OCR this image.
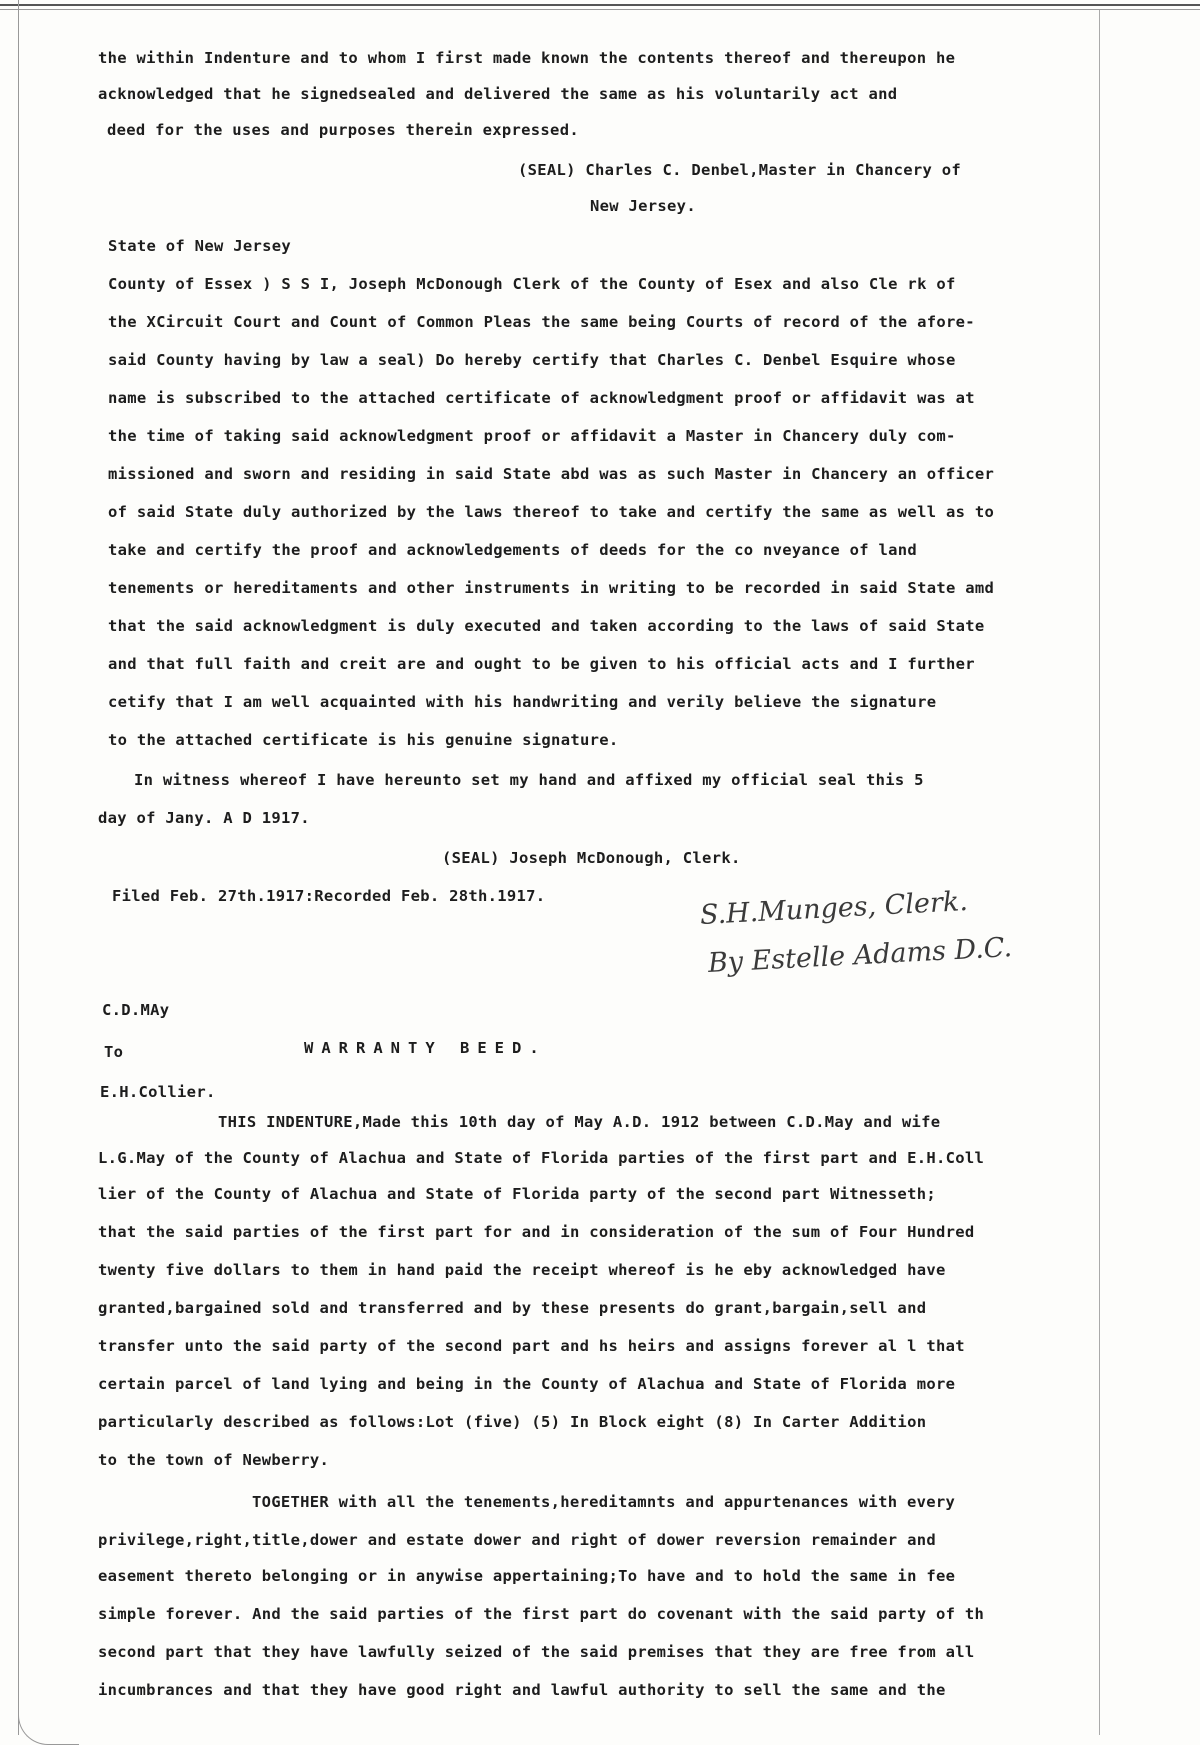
the within Indenture and to whom I first made known the contents thereof and thereupon he
acknowledged that he signedsealed and delivered the same as his voluntarily act and
deed for the uses and purposes therein expressed.
(SEAL) Charles C. Denbel,Master in Chancery of
New Jersey.
State of New Jersey
County of Essex ) S S I, Joseph McDonough Clerk of the County of Esex and also Cle rk of
the XCircuit Court and Count of Common Pleas the same being Courts of record of the afore-
said County having by law a seal) Do hereby certify that Charles C. Denbel Esquire whose
name is subscribed to the attached certificate of acknowledgment proof or affidavit was at
the time of taking said acknowledgment proof or affidavit a Master in Chancery duly com-
missioned and sworn and residing in said State abd was as such Master in Chancery an officer
of said State duly authorized by the laws thereof to take and certify the same as well as to
take and certify the proof and acknowledgements of deeds for the co nveyance of land
tenements or hereditaments and other instruments in writing to be recorded in said State amd
that the said acknowledgment is duly executed and taken according to the laws of said State
and that full faith and creit are and ought to be given to his official acts and I further
cetify that I am well acquainted with his handwriting and verily believe the signature
to the attached certificate is his genuine signature.
In witness whereof I have hereunto set my hand and affixed my official seal this 5
day of Jany. A D 1917.
(SEAL) Joseph McDonough, Clerk.
Filed Feb. 27th.1917:Recorded Feb. 28th.1917.	S.H.Munges, Clerk.
By Estelle Adams D.C.
C.D.MAy
To	WARRANTY BEED.
E.H.Collier.
THIS INDENTURE,Made this 10th day of May A.D. 1912 between C.D.May and wife
L.G.May of the County of Alachua and State of Florida parties of the first part and E.H.Coll
lier of the County of Alachua and State of Florida party of the second part Witnesseth;
that the said parties of the first part for and in consideration of the sum of Four Hundred
twenty five dollars to them in hand paid the receipt whereof is he eby acknowledged have
granted,bargained sold and transferred and by these presents do grant,bargain,sell and
transfer unto the said party of the second part and hs heirs and assigns forever al l that
certain parcel of land lying and being in the County of Alachua and State of Florida more
particularly described as follows:Lot (five) (5) In Block eight (8) In Carter Addition
to the town of Newberry.
TOGETHER with all the tenements,hereditamnts and appurtenances with every
privilege,right,title,dower and estate dower and right of dower reversion remainder and
easement thereto belonging or in anywise appertaining;To have and to hold the same in fee
simple forever. And the said parties of the first part do covenant with the said party of th
second part that they have lawfully seized of the said premises that they are free from all
incumbrances and that they have good right and lawful authority to sell the same and the
